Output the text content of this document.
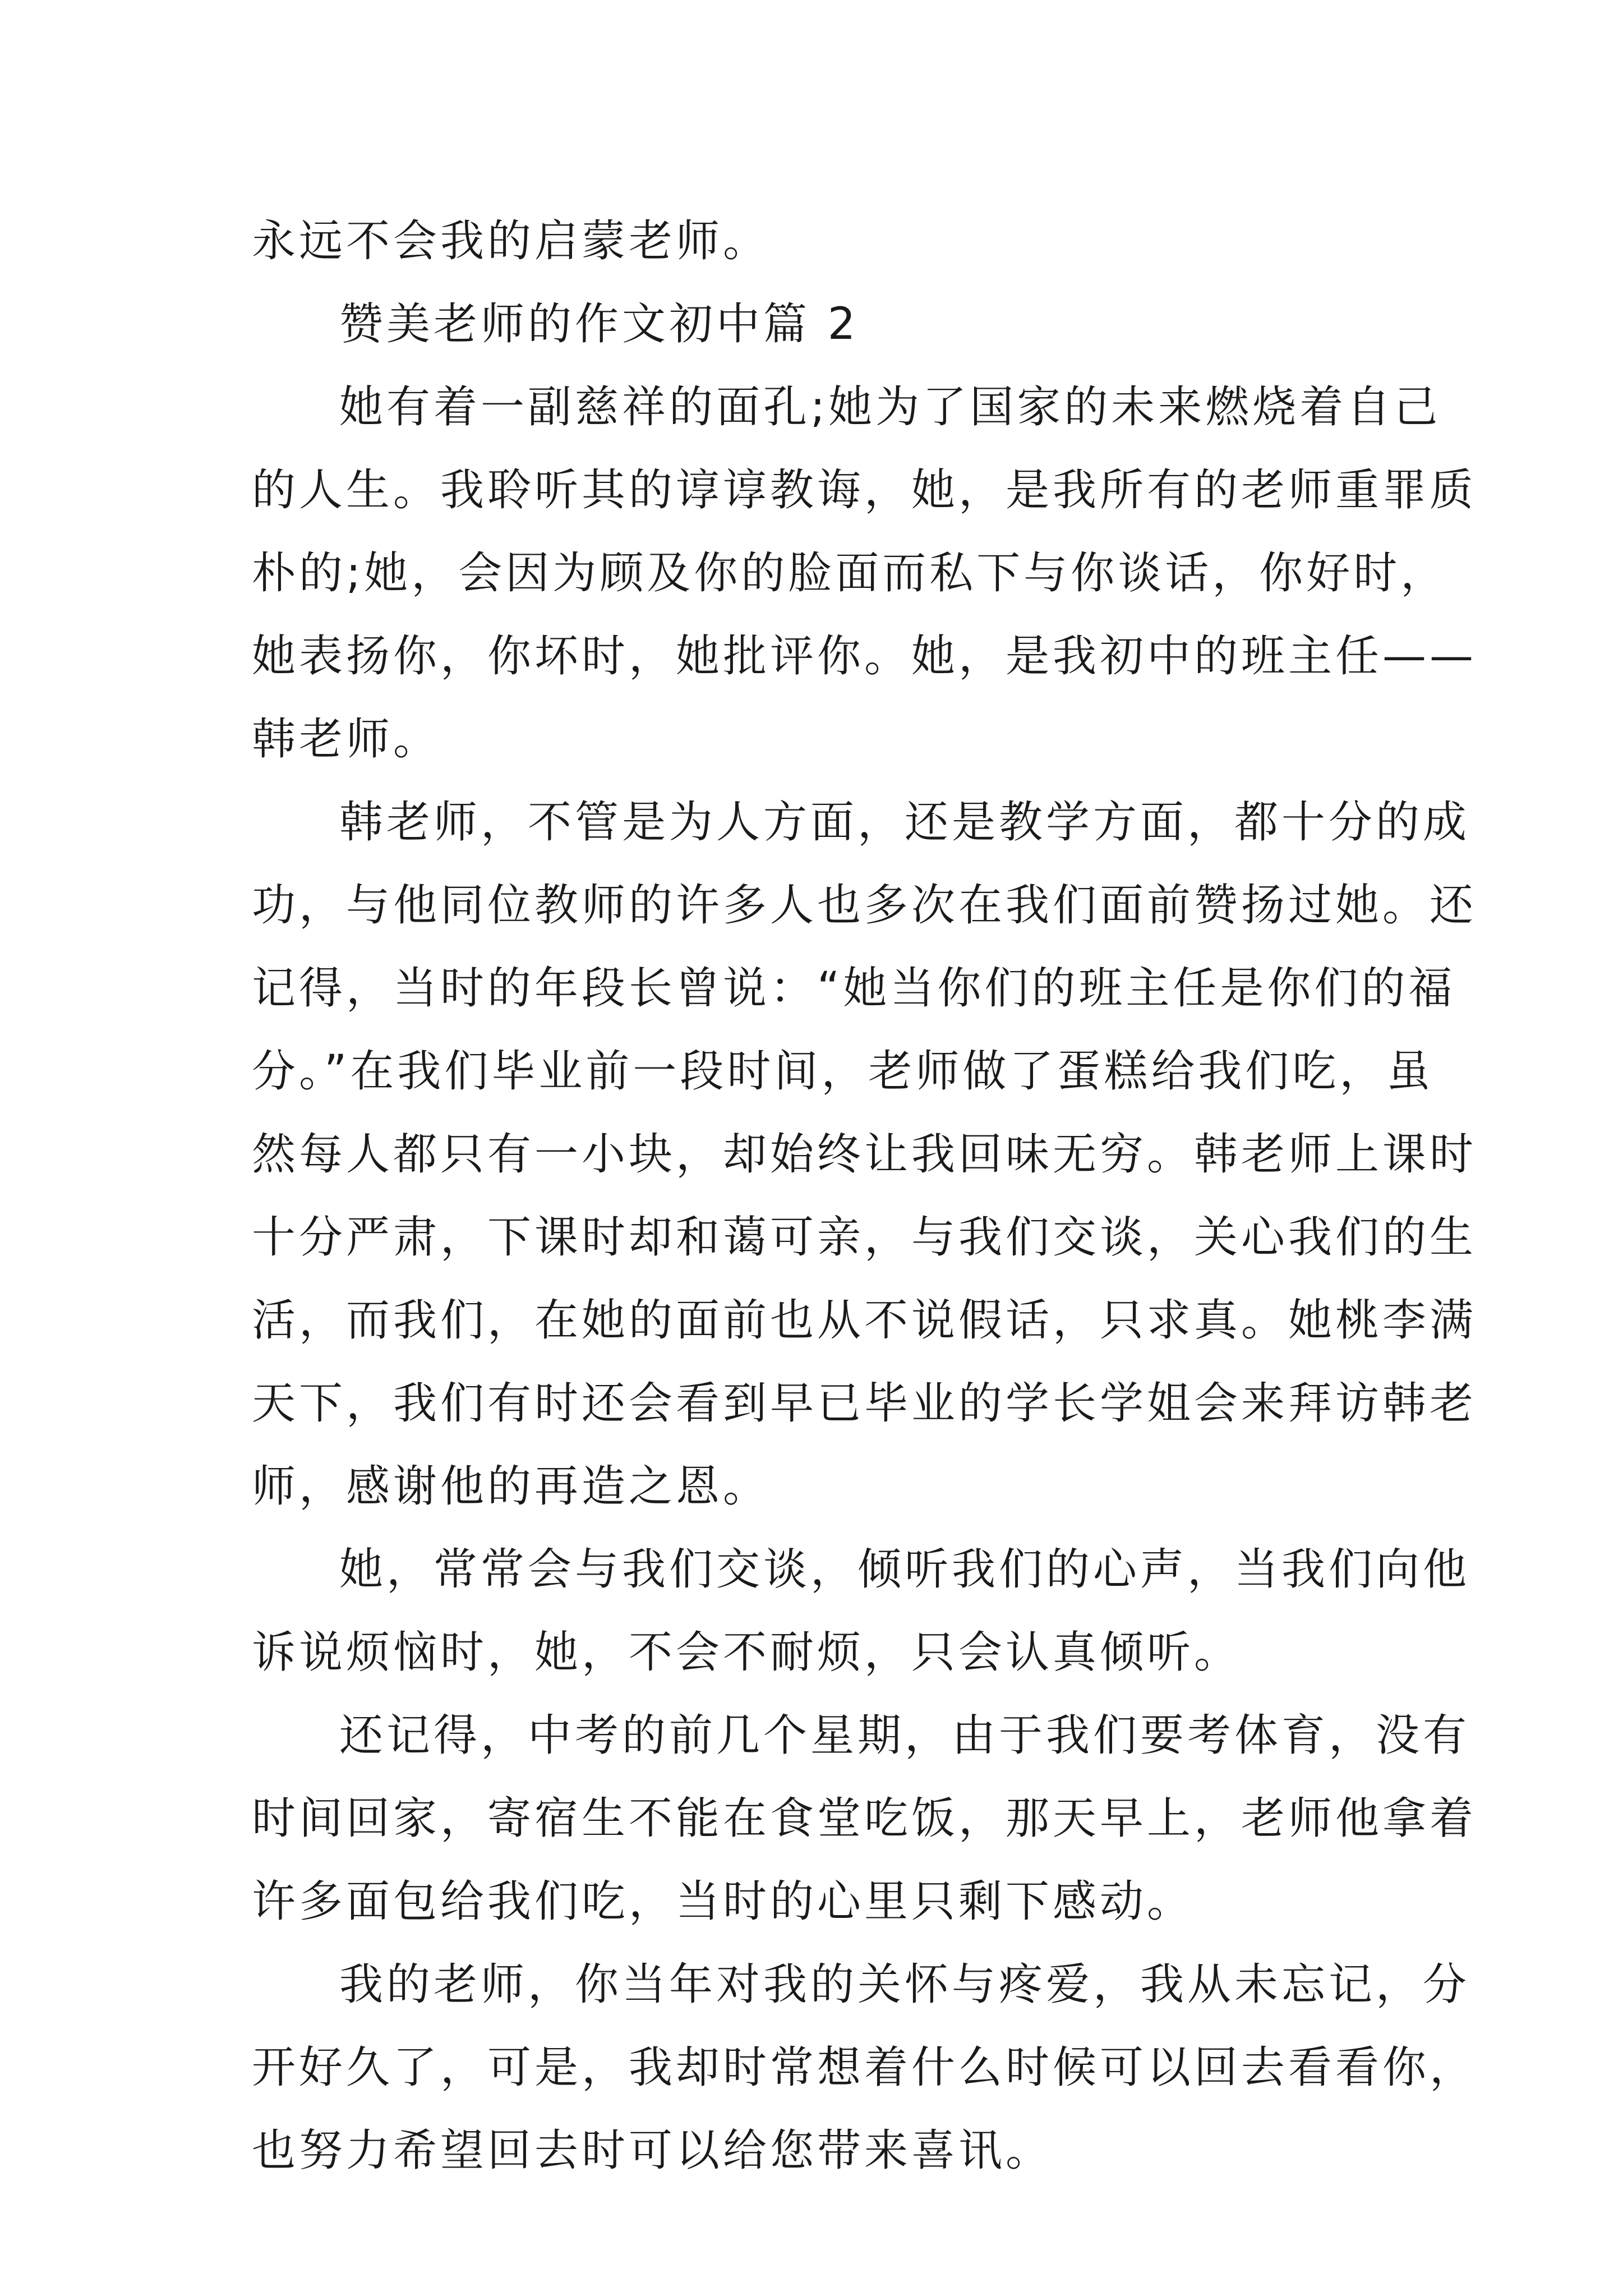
永远不会我的启蒙老师。
赞美老师的作文初中篇 2
她有着一副慈祥的面孔;她为了国家的未来燃烧着自己
的人生。我聆听其的谆谆教诲，她，是我所有的老师重罪质
朴的;她，会因为顾及你的脸面而私下与你谈话，你好时，
她表扬你，你坏时，她批评你。她，是我初中的班主任——
韩老师。
韩老师，不管是为人方面，还是教学方面，都十分的成
功，与他同位教师的许多人也多次在我们面前赞扬过她。还
记得，当时的年段长曾说：“她当你们的班主任是你们的福
分。”在我们毕业前一段时间，老师做了蛋糕给我们吃，虽
然每人都只有一小块，却始终让我回味无穷。韩老师上课时
十分严肃，下课时却和蔼可亲，与我们交谈，关心我们的生
活，而我们，在她的面前也从不说假话，只求真。她桃李满
天下，我们有时还会看到早已毕业的学长学姐会来拜访韩老
师，感谢他的再造之恩。
她，常常会与我们交谈，倾听我们的心声，当我们向他
诉说烦恼时，她，不会不耐烦，只会认真倾听。
还记得，中考的前几个星期，由于我们要考体育，没有
时间回家，寄宿生不能在食堂吃饭，那天早上，老师他拿着
许多面包给我们吃，当时的心里只剩下感动。
我的老师，你当年对我的关怀与疼爱，我从未忘记，分
开好久了，可是，我却时常想着什么时候可以回去看看你，
也努力希望回去时可以给您带来喜讯。
